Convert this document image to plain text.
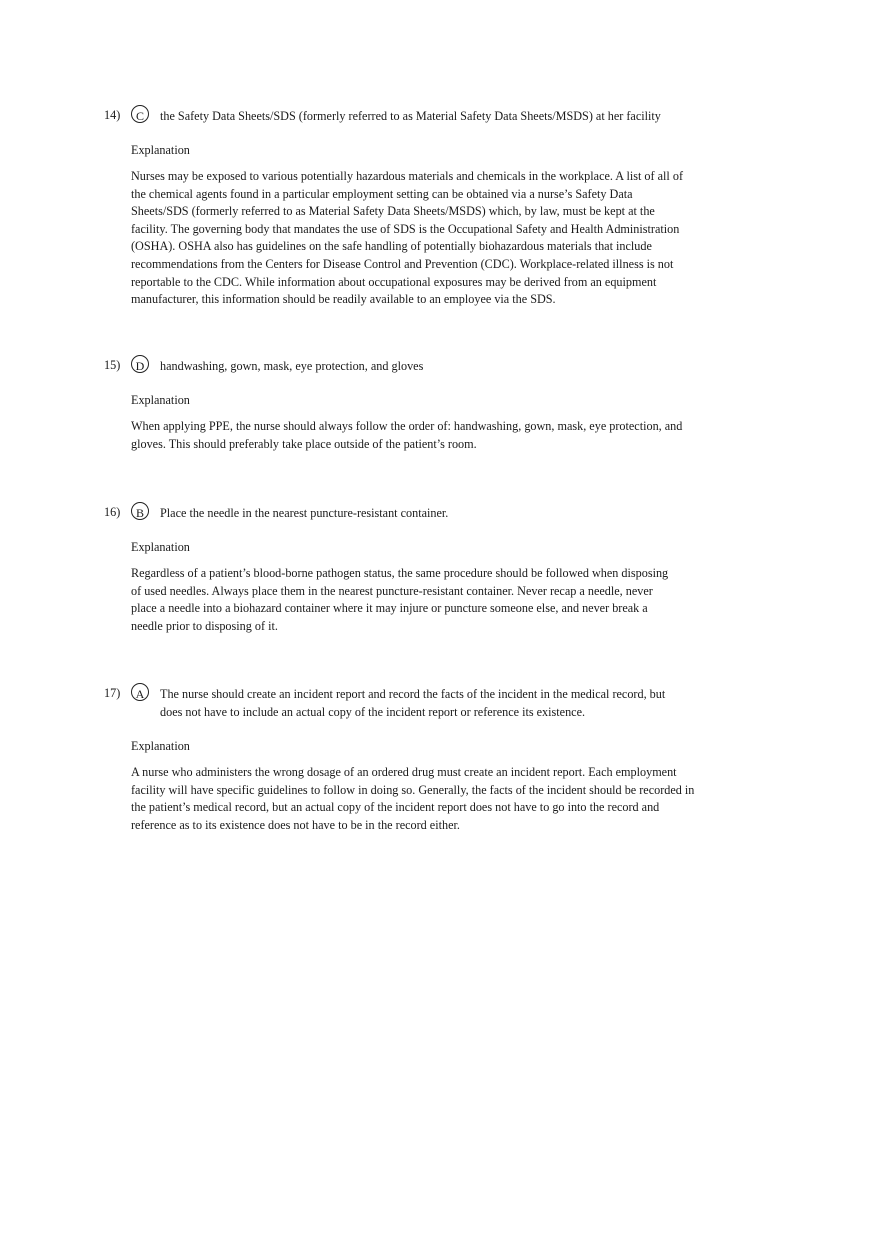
14)	C	the Safety Data Sheets/SDS (formerly referred to as Material Safety Data Sheets/MSDS) at her facility
Explanation
Nurses may be exposed to various potentially hazardous materials and chemicals in the workplace. A list of all of
the chemical agents found in a particular employment setting can be obtained via a nurse’s Safety Data
Sheets/SDS (formerly referred to as Material Safety Data Sheets/MSDS) which, by law, must be kept at the
facility. The governing body that mandates the use of SDS is the Occupational Safety and Health Administration
(OSHA). OSHA also has guidelines on the safe handling of potentially biohazardous materials that include
recommendations from the Centers for Disease Control and Prevention (CDC). Workplace-related illness is not
reportable to the CDC. While information about occupational exposures may be derived from an equipment
manufacturer, this information should be readily available to an employee via the SDS.
15)	D	handwashing, gown, mask, eye protection, and gloves
Explanation
When applying PPE, the nurse should always follow the order of: handwashing, gown, mask, eye protection, and
gloves. This should preferably take place outside of the patient’s room.
16)	B	Place the needle in the nearest puncture-resistant container.
Explanation
Regardless of a patient’s blood-borne pathogen status, the same procedure should be followed when disposing
of used needles. Always place them in the nearest puncture-resistant container. Never recap a needle, never
place a needle into a biohazard container where it may injure or puncture someone else, and never break a
needle prior to disposing of it.
17)	A	The nurse should create an incident report and record the facts of the incident in the medical record, but
does not have to include an actual copy of the incident report or reference its existence.
Explanation
A nurse who administers the wrong dosage of an ordered drug must create an incident report. Each employment
facility will have specific guidelines to follow in doing so. Generally, the facts of the incident should be recorded in
the patient’s medical record, but an actual copy of the incident report does not have to go into the record and
reference as to its existence does not have to be in the record either.
